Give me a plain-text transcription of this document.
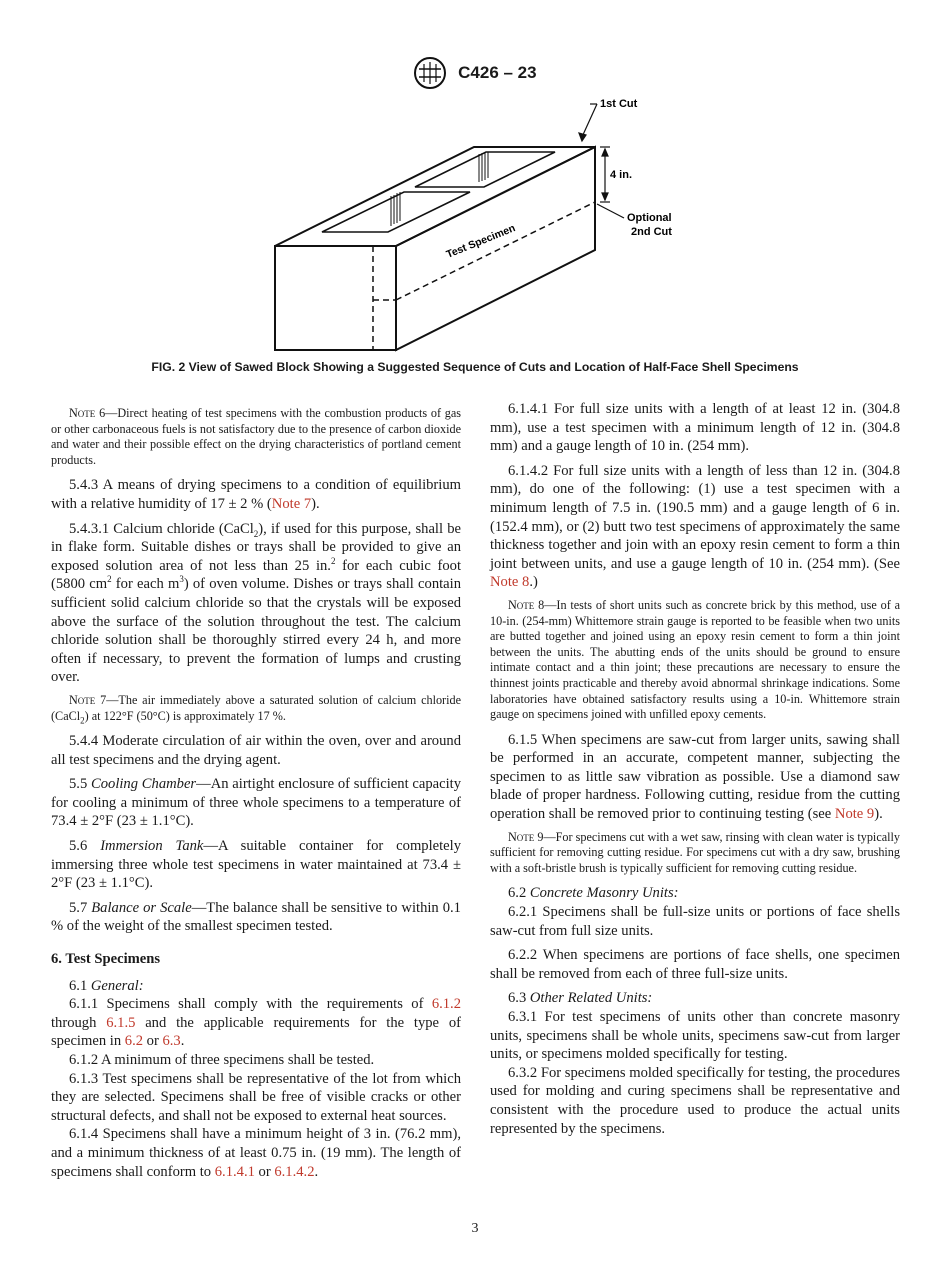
C426 – 23
1st Cut
4 in.
Optional
2nd Cut
Test Specimen
FIG. 2 View of Sawed Block Showing a Suggested Sequence of Cuts and Location of Half-Face Shell Specimens
Note 6—Direct heating of test specimens with the combustion products of gas or other carbonaceous fuels is not satisfactory due to the presence of carbon dioxide and water and their possible effect on the drying characteristics of portland cement products.

5.4.3 A means of drying specimens to a condition of equilibrium with a relative humidity of 17 ± 2 % (Note 7).

5.4.3.1 Calcium chloride (CaCl$_2$), if used for this purpose, shall be in flake form. Suitable dishes or trays shall be provided to give an exposed solution area of not less than 25 in.$^2$ for each cubic foot (5800 $cm^2$ for each $m^3$) of oven volume. Dishes or trays shall contain sufficient solid calcium chloride so that the crystals will be exposed above the surface of the solution throughout the test. The calcium chloride solution shall be thoroughly stirred every 24 h, and more often if necessary, to prevent the formation of lumps and crusting over.

Note 7—The air immediately above a saturated solution of calcium chloride (CaCl$_2$) at 122°F (50°C) is approximately 17 %.

5.4.4 Moderate circulation of air within the oven, over and around all test specimens and the drying agent.

5.5 Cooling Chamber—An airtight enclosure of sufficient capacity for cooling a minimum of three whole specimens to a temperature of 73.4 ± 2°F (23 ± 1.1°C).

5.6 Immersion Tank—A suitable container for completely immersing three whole test specimens in water maintained at 73.4 ± 2°F (23 ± 1.1°C).

5.7 Balance or Scale—The balance shall be sensitive to within 0.1 % of the weight of the smallest specimen tested.

6. Test Specimens

6.1 General:

6.1.1 Specimens shall comply with the requirements of 6.1.2 through 6.1.5 and the applicable requirements for the type of specimen in 6.2 or 6.3.

6.1.2 A minimum of three specimens shall be tested.

6.1.3 Test specimens shall be representative of the lot from which they are selected. Specimens shall be free of visible cracks or other structural defects, and shall not be exposed to external heat sources.

6.1.4 Specimens shall have a minimum height of 3 in. (76.2 mm), and a minimum thickness of at least 0.75 in. (19 mm). The length of specimens shall conform to 6.1.4.1 or 6.1.4.2.

6.1.4.1 For full size units with a length of at least 12 in. (304.8 mm), use a test specimen with a minimum length of 12 in. (304.8 mm) and a gauge length of 10 in. (254 mm).

6.1.4.2 For full size units with a length of less than 12 in. (304.8 mm), do one of the following: (1) use a test specimen with a minimum length of 7.5 in. (190.5 mm) and a gauge length of 6 in. (152.4 mm), or (2) butt two test specimens of approximately the same thickness together and join with an epoxy resin cement to form a thin joint between units, and use a gauge length of 10 in. (254 mm). (See Note 8.)

Note 8—In tests of short units such as concrete brick by this method, use of a 10-in. (254-mm) Whittemore strain gauge is reported to be feasible when two units are butted together and joined using an epoxy resin cement to form a thin joint between the units. The abutting ends of the units should be ground to ensure intimate contact and a thin joint; these precautions are necessary to ensure the thinnest joints practicable and thereby avoid abnormal shrinkage indications. Some laboratories have obtained satisfactory results using a 10-in. Whittemore strain gauge on specimens joined with unfilled epoxy cements.

6.1.5 When specimens are saw-cut from larger units, sawing shall be performed in an accurate, competent manner, subjecting the specimen to as little saw vibration as possible. Use a diamond saw blade of proper hardness. Following cutting, residue from the cutting operation shall be removed prior to continuing testing (see Note 9).

Note 9—For specimens cut with a wet saw, rinsing with clean water is typically sufficient for removing cutting residue. For specimens cut with a dry saw, brushing with a soft-bristle brush is typically sufficient for removing cutting residue.

6.2 Concrete Masonry Units:

6.2.1 Specimens shall be full-size units or portions of face shells saw-cut from full size units.

6.2.2 When specimens are portions of face shells, one specimen shall be removed from each of three full-size units.

6.3 Other Related Units:

6.3.1 For test specimens of units other than concrete masonry units, specimens shall be whole units, specimens saw-cut from larger units, or specimens molded specifically for testing.

6.3.2 For specimens molded specifically for testing, the procedures used for molding and curing specimens shall be representative and consistent with the procedure used to produce the actual units represented by the specimens.

3
